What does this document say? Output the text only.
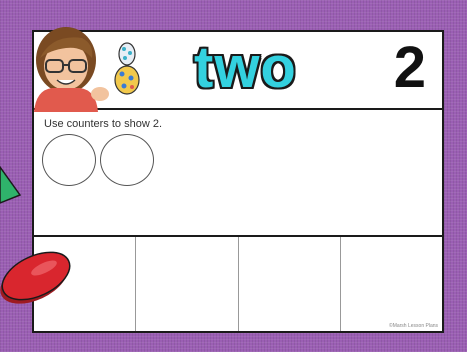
two 2
Use counters to show 2.
©Marsh Lesson Plans
